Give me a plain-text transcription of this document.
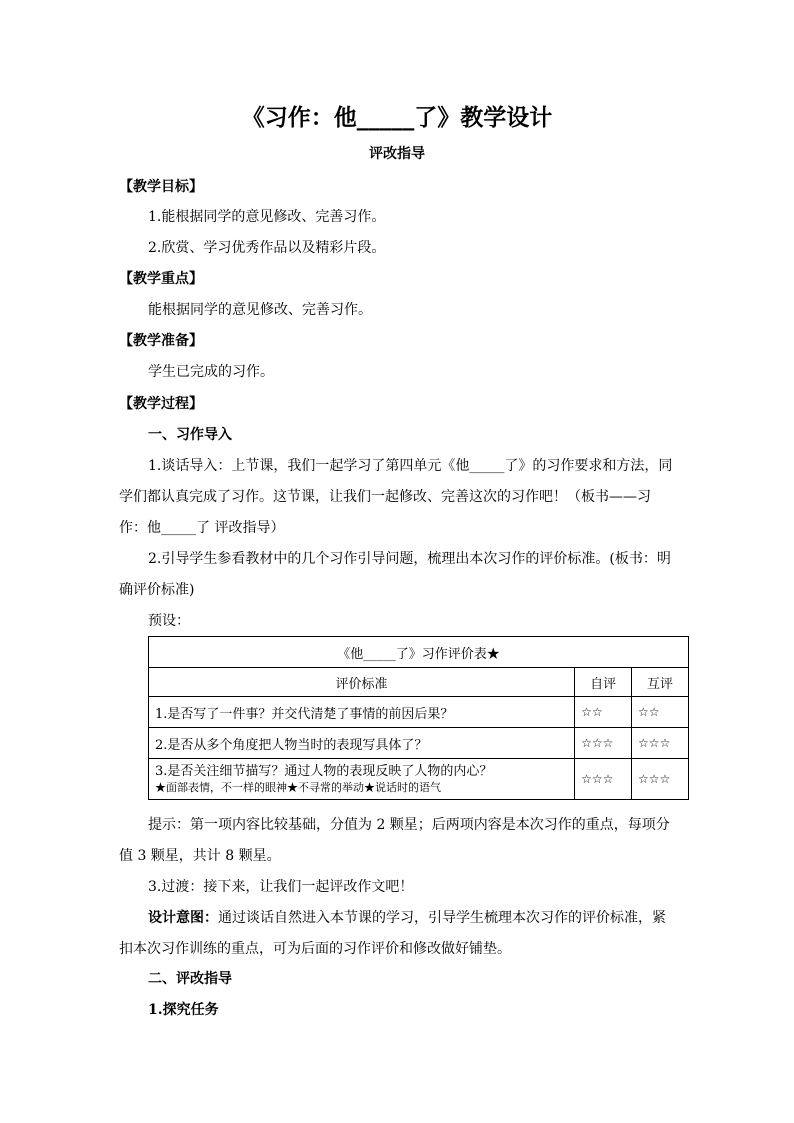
《习作：他_____了》教学设计
评改指导
【教学目标】
1.能根据同学的意见修改、完善习作。
2.欣赏、学习优秀作品以及精彩片段。
【教学重点】
能根据同学的意见修改、完善习作。
【教学准备】
学生已完成的习作。
【教学过程】
一、习作导入
1.谈话导入：上节课，我们一起学习了第四单元《他_____了》的习作要求和方法，同
学们都认真完成了习作。这节课，让我们一起修改、完善这次的习作吧！（板书——习
作：他_____了 评改指导）
2.引导学生参看教材中的几个习作引导问题，梳理出本次习作的评价标准。(板书：明
确评价标准)
预设：
《他_____了》习作评价表★		
评价标准	自评	互评
1.是否写了一件事？并交代清楚了事情的前因后果？	☆☆	☆☆
2.是否从多个角度把人物当时的表现写具体了？	☆☆☆	☆☆☆

3.是否关注细节描写？通过人物的表现反映了人物的内心？
★面部表情，不一样的眼神★不寻常的举动★说话时的语气	☆☆☆	☆☆☆
提示：第一项内容比较基础，分值为 2 颗星；后两项内容是本次习作的重点，每项分
值 3 颗星，共计 8 颗星。
3.过渡：接下来，让我们一起评改作文吧！
设计意图：通过谈话自然进入本节课的学习，引导学生梳理本次习作的评价标准，紧
扣本次习作训练的重点，可为后面的习作评价和修改做好铺垫。
二、评改指导
1.探究任务
